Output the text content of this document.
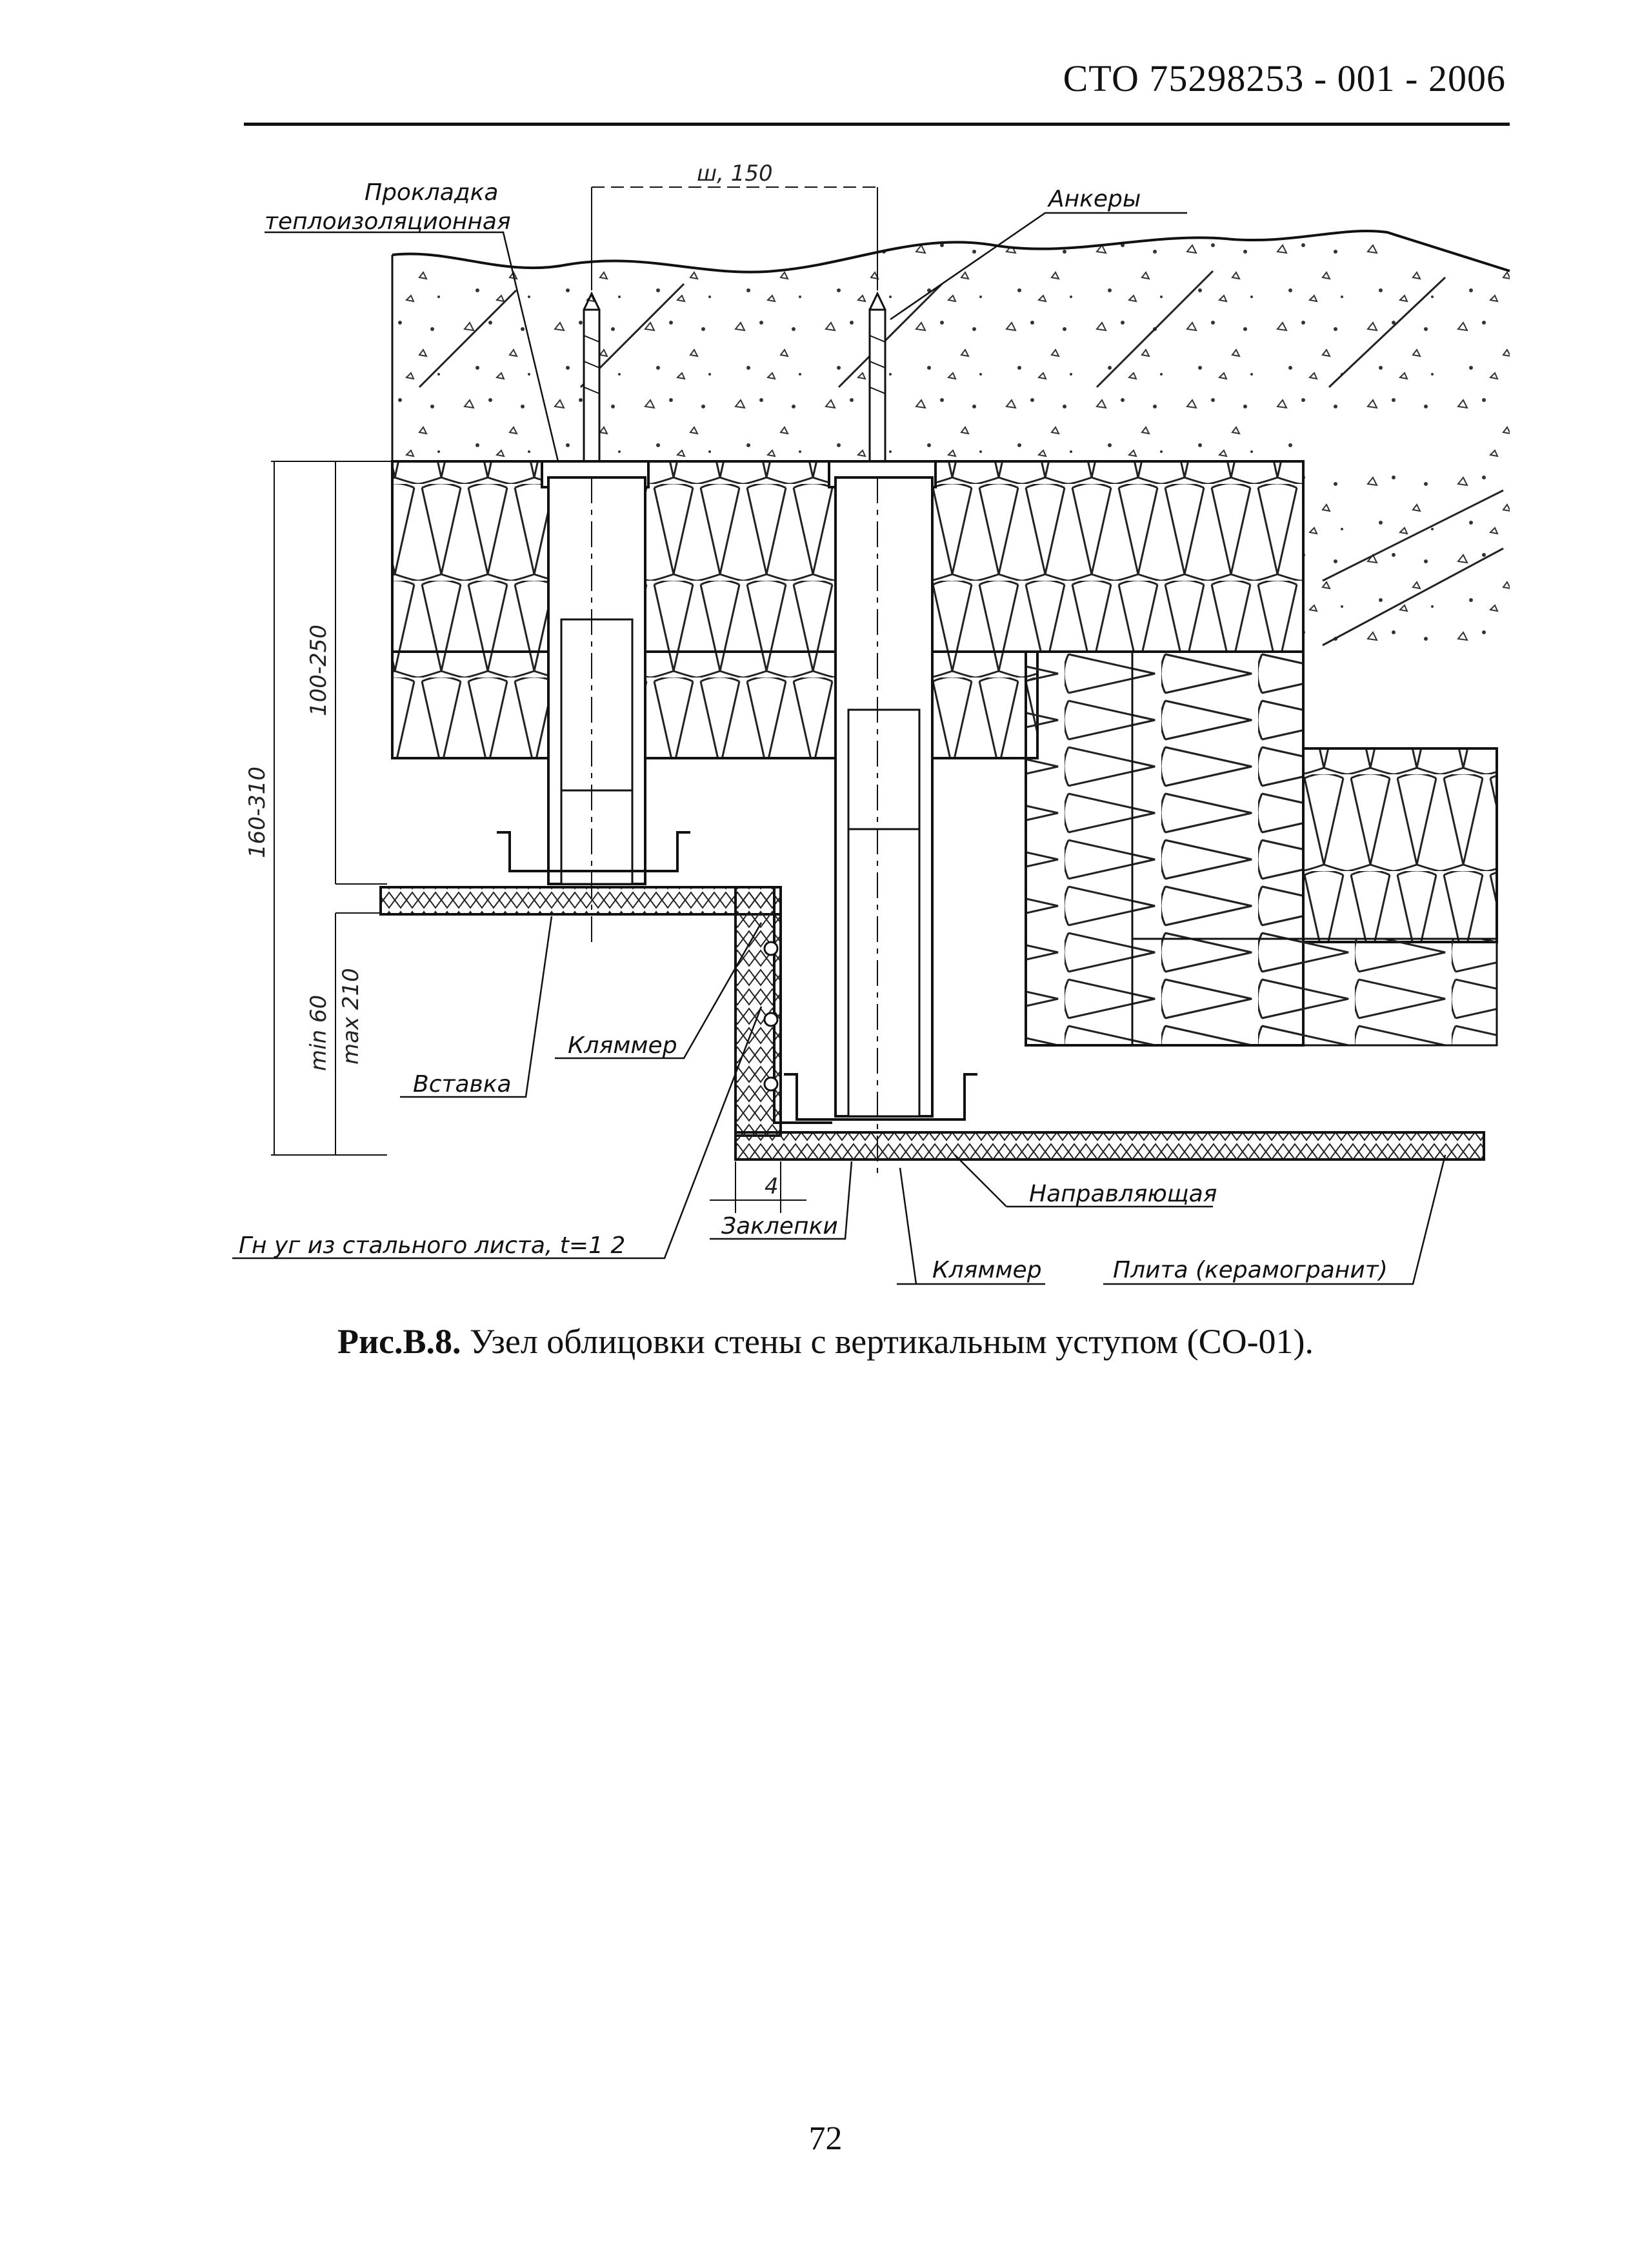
СТО 75298253 - 001 - 2006
Прокладка
теплоизоляционная
Анкеры
Кляммер
Вставка
Гн уг из стального листа, t=1 2
Заклепки
Направляющая
Кляммер	Плита (керамогранит)
ш, 150
160-310
100-250
min 60 max 210
4
Рис.В.8. Узел облицовки стены с вертикальным уступом (СО-01).
72
